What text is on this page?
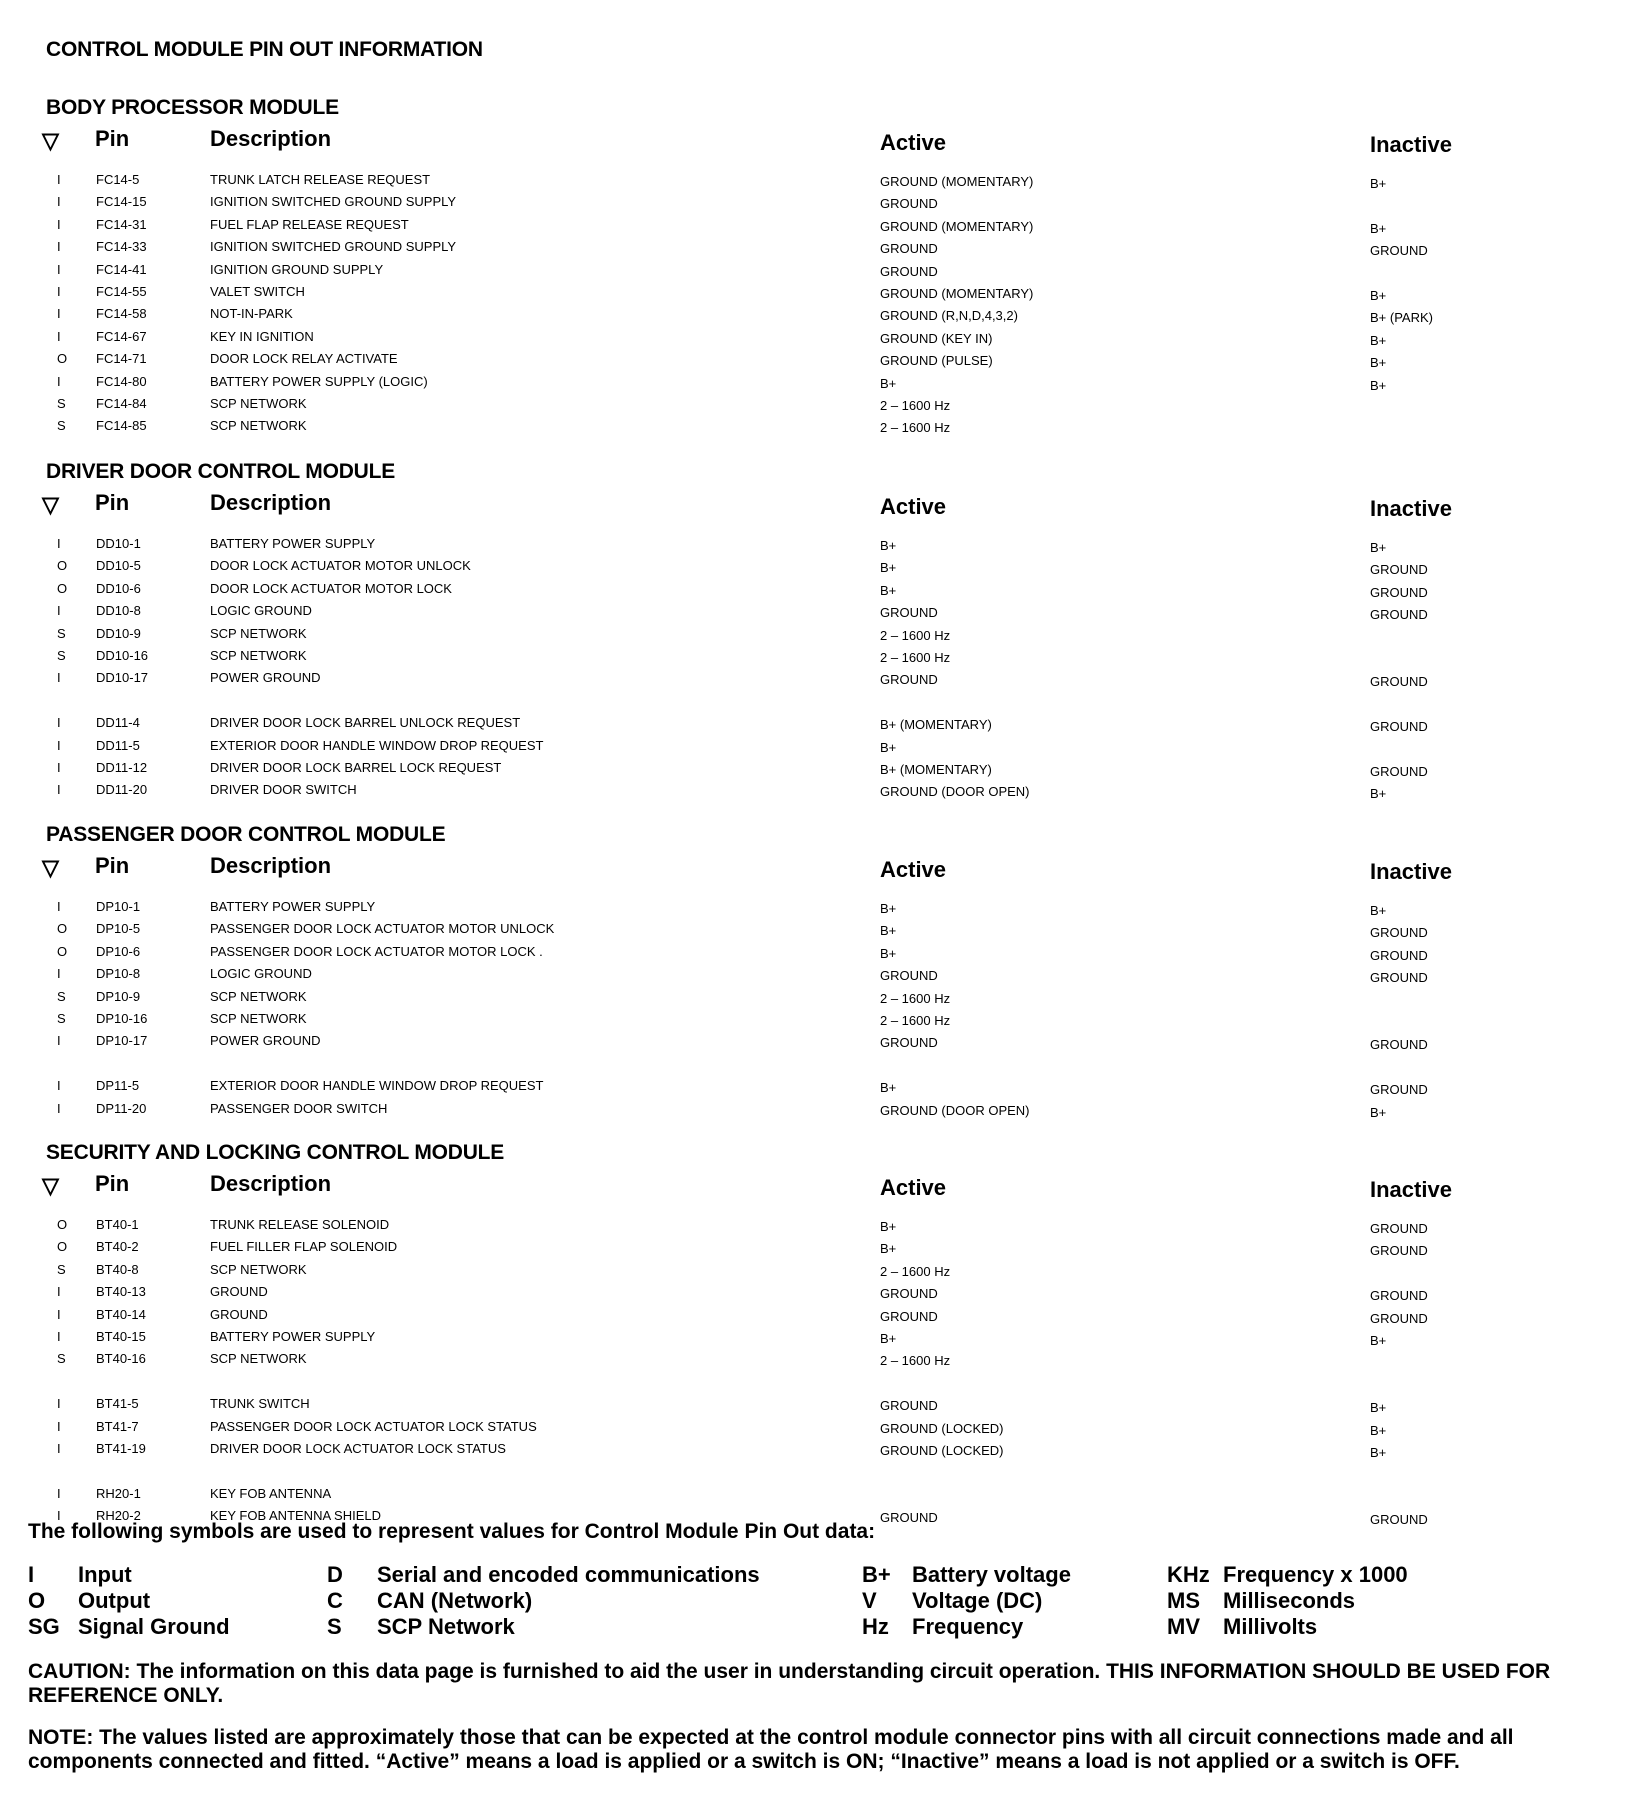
CONTROL MODULE PIN OUT INFORMATION
BODY PROCESSOR MODULE
▽ Pin	Description	Active	Inactive
I	FC14-5	TRUNK LATCH RELEASE REQUEST	GROUND (MOMENTARY)	B+
I	FC14-15	IGNITION SWITCHED GROUND SUPPLY	GROUND
I	FC14-31	FUEL FLAP RELEASE REQUEST	GROUND (MOMENTARY)	B+
I	FC14-33	IGNITION SWITCHED GROUND SUPPLY	GROUND	GROUND
I	FC14-41	IGNITION GROUND SUPPLY	GROUND
I	FC14-55	VALET SWITCH	GROUND (MOMENTARY)	B+
I	FC14-58	NOT-IN-PARK	GROUND (R,N,D,4,3,2)	B+ (PARK)
I	FC14-67	KEY IN IGNITION	GROUND (KEY IN)	B+
O FC14-71	DOOR LOCK RELAY ACTIVATE	GROUND (PULSE)	B+
I	FC14-80	BATTERY POWER SUPPLY (LOGIC)	B+	B+
S FC14-84	SCP NETWORK	2 – 1600 Hz
S FC14-85	SCP NETWORK	2 – 1600 Hz
DRIVER DOOR CONTROL MODULE
▽ Pin	Description	Active	Inactive
I	DD10-1	BATTERY POWER SUPPLY	B+	B+
O DD10-5	DOOR LOCK ACTUATOR MOTOR UNLOCK	B+	GROUND
O DD10-6	DOOR LOCK ACTUATOR MOTOR LOCK	B+	GROUND
I	DD10-8	LOGIC GROUND	GROUND	GROUND
S DD10-9	SCP NETWORK	2 – 1600 Hz
S DD10-16	SCP NETWORK	2 – 1600 Hz
I	DD10-17	POWER GROUND	GROUND	GROUND
I	DD11-4	DRIVER DOOR LOCK BARREL UNLOCK REQUEST	B+ (MOMENTARY)	GROUND
I	DD11-5	EXTERIOR DOOR HANDLE WINDOW DROP REQUEST	B+
I	DD11-12	DRIVER DOOR LOCK BARREL LOCK REQUEST	B+ (MOMENTARY)	GROUND
I	DD11-20	DRIVER DOOR SWITCH	GROUND (DOOR OPEN)	B+
PASSENGER DOOR CONTROL MODULE
▽ Pin	Description	Active	Inactive
I	DP10-1	BATTERY POWER SUPPLY	B+	B+
O DP10-5	PASSENGER DOOR LOCK ACTUATOR MOTOR UNLOCK	B+	GROUND
O DP10-6	PASSENGER DOOR LOCK ACTUATOR MOTOR LOCK .	B+	GROUND
I	DP10-8	LOGIC GROUND	GROUND	GROUND
S DP10-9	SCP NETWORK	2 – 1600 Hz
S DP10-16	SCP NETWORK	2 – 1600 Hz
I	DP10-17	POWER GROUND	GROUND	GROUND
I	DP11-5	EXTERIOR DOOR HANDLE WINDOW DROP REQUEST	B+	GROUND
I	DP11-20	PASSENGER DOOR SWITCH	GROUND (DOOR OPEN)	B+
SECURITY AND LOCKING CONTROL MODULE
▽ Pin	Description	Active	Inactive
O BT40-1	TRUNK RELEASE SOLENOID	B+	GROUND
O BT40-2	FUEL FILLER FLAP SOLENOID	B+	GROUND
S BT40-8	SCP NETWORK	2 – 1600 Hz
I	BT40-13	GROUND	GROUND	GROUND
I	BT40-14	GROUND	GROUND	GROUND
I	BT40-15	BATTERY POWER SUPPLY	B+	B+
S BT40-16	SCP NETWORK	2 – 1600 Hz
I	BT41-5	TRUNK SWITCH	GROUND	B+
I	BT41-7	PASSENGER DOOR LOCK ACTUATOR LOCK STATUS	GROUND (LOCKED)	B+
I	BT41-19	DRIVER DOOR LOCK ACTUATOR LOCK STATUS	GROUND (LOCKED)	B+
I	RH20-1	KEY FOB ANTENNA
I	RH20-2	KEY FOB ANTENNA SHIELD	GROUND	GROUND
The following symbols are used to represent values for Control Module Pin Out data:
I Input
O Output
SG Signal Ground
D Serial and encoded communications
C CAN (Network)
S SCP Network
B+ Battery voltage
V Voltage (DC)
Hz Frequency
KHz Frequency x 1000
MS Milliseconds
MV Millivolts
CAUTION: The information on this data page is furnished to aid the user in understanding circuit operation. THIS INFORMATION SHOULD BE USED FOR REFERENCE ONLY.
NOTE: The values listed are approximately those that can be expected at the control module connector pins with all circuit connections made and all components connected and fitted. “Active” means a load is applied or a switch is ON; “Inactive” means a load is not applied or a switch is OFF.
